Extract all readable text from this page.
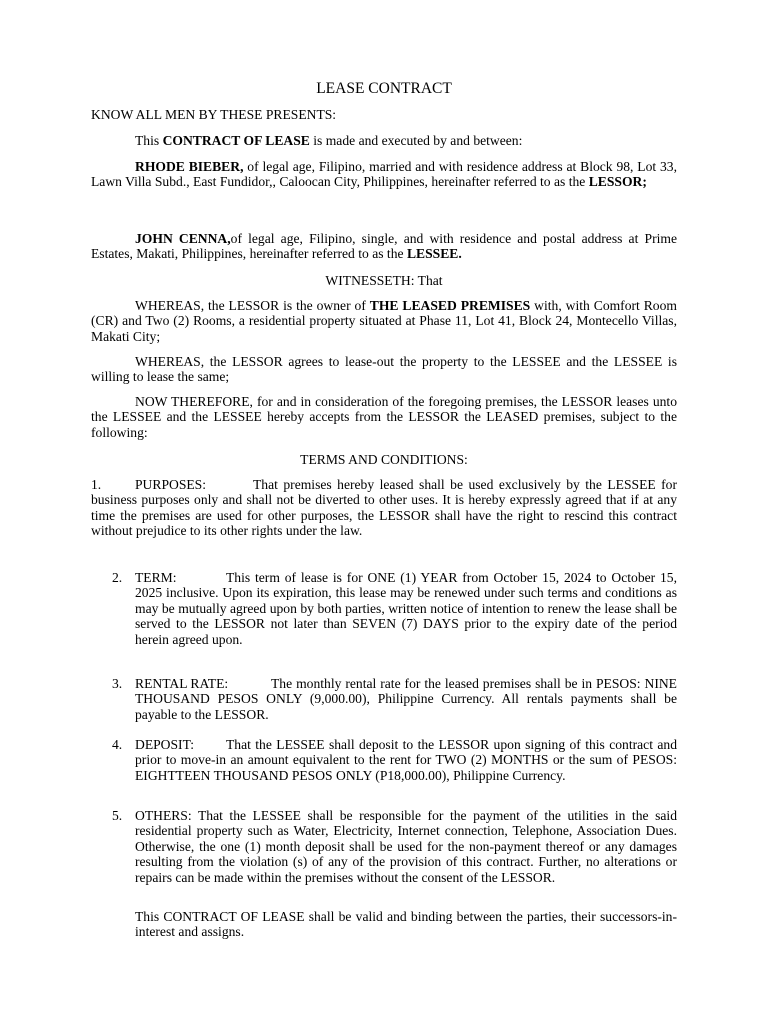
LEASE CONTRACT

KNOW ALL MEN BY THESE PRESENTS:

This CONTRACT OF LEASE is made and executed by and between:

RHODE BIEBER, of legal age, Filipino, married and with residence address at Block 98, Lot 33, Lawn Villa Subd., East Fundidor,, Caloocan City, Philippines, hereinafter referred to as the LESSOR;

JOHN CENNA,of legal age, Filipino, single, and with residence and postal address at Prime Estates, Makati, Philippines, hereinafter referred to as the LESSEE.

WITNESSETH: That

WHEREAS, the LESSOR is the owner of THE LEASED PREMISES with, with Comfort Room (CR) and Two (2) Rooms, a residential property situated at Phase 11, Lot 41, Block 24, Montecello Villas, Makati City;

WHEREAS, the LESSOR agrees to lease-out the property to the LESSEE and the LESSEE is willing to lease the same;

NOW THEREFORE, for and in consideration of the foregoing premises, the LESSOR leases unto the LESSEE and the LESSEE hereby accepts from the LESSOR the LEASED premises, subject to the following:

TERMS AND CONDITIONS:

1. PURPOSES:	That premises hereby leased shall be used exclusively by the LESSEE for business purposes only and shall not be diverted to other uses. It is hereby expressly agreed that if at any time the premises are used for other purposes, the LESSOR shall have the right to rescind this contract without prejudice to its other rights under the law.

2. TERM:	This term of lease is for ONE (1) YEAR from October 15, 2024 to October 15, 2025 inclusive. Upon its expiration, this lease may be renewed under such terms and conditions as may be mutually agreed upon by both parties, written notice of intention to renew the lease shall be served to the LESSOR not later than SEVEN (7) DAYS prior to the expiry date of the period herein agreed upon.

3. RENTAL RATE:	The monthly rental rate for the leased premises shall be in PESOS: NINE THOUSAND PESOS ONLY (9,000.00), Philippine Currency. All rentals payments shall be payable to the LESSOR.

4. DEPOSIT: That the LESSEE shall deposit to the LESSOR upon signing of this contract and prior to move-in an amount equivalent to the rent for TWO (2) MONTHS or the sum of PESOS: EIGHTTEEN THOUSAND PESOS ONLY (P18,000.00), Philippine Currency.

5. OTHERS: That the LESSEE shall be responsible for the payment of the utilities in the said residential property such as Water, Electricity, Internet connection, Telephone, Association Dues. Otherwise, the one (1) month deposit shall be used for the non-payment thereof or any damages resulting from the violation (s) of any of the provision of this contract. Further, no alterations or repairs can be made within the premises without the consent of the LESSOR.

This CONTRACT OF LEASE shall be valid and binding between the parties, their successors-in-interest and assigns.
